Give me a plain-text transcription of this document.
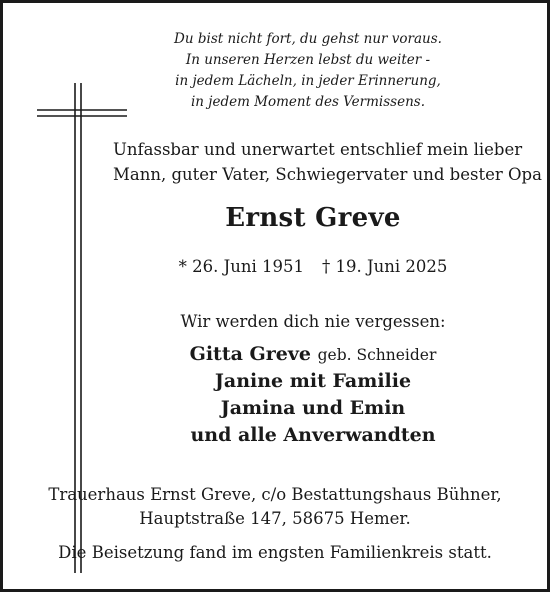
Du bist nicht fort, du gehst nur voraus.
In unseren Herzen lebst du weiter -
in jedem Lächeln, in jeder Erinnerung,
in jedem Moment des Vermissens.
Unfassbar und unerwartet entschlief mein lieber
Mann, guter Vater, Schwiegervater und bester Opa
Ernst Greve
* 26. Juni 1951 † 19. Juni 2025
Wir werden dich nie vergessen:
Gitta Greve geb. Schneider
Janine mit Familie
Jamina und Emin
und alle Anverwandten
Trauerhaus Ernst Greve, c/o Bestattungshaus Bühner,
Hauptstraße 147, 58675 Hemer.
Die Beisetzung fand im engsten Familienkreis statt.
